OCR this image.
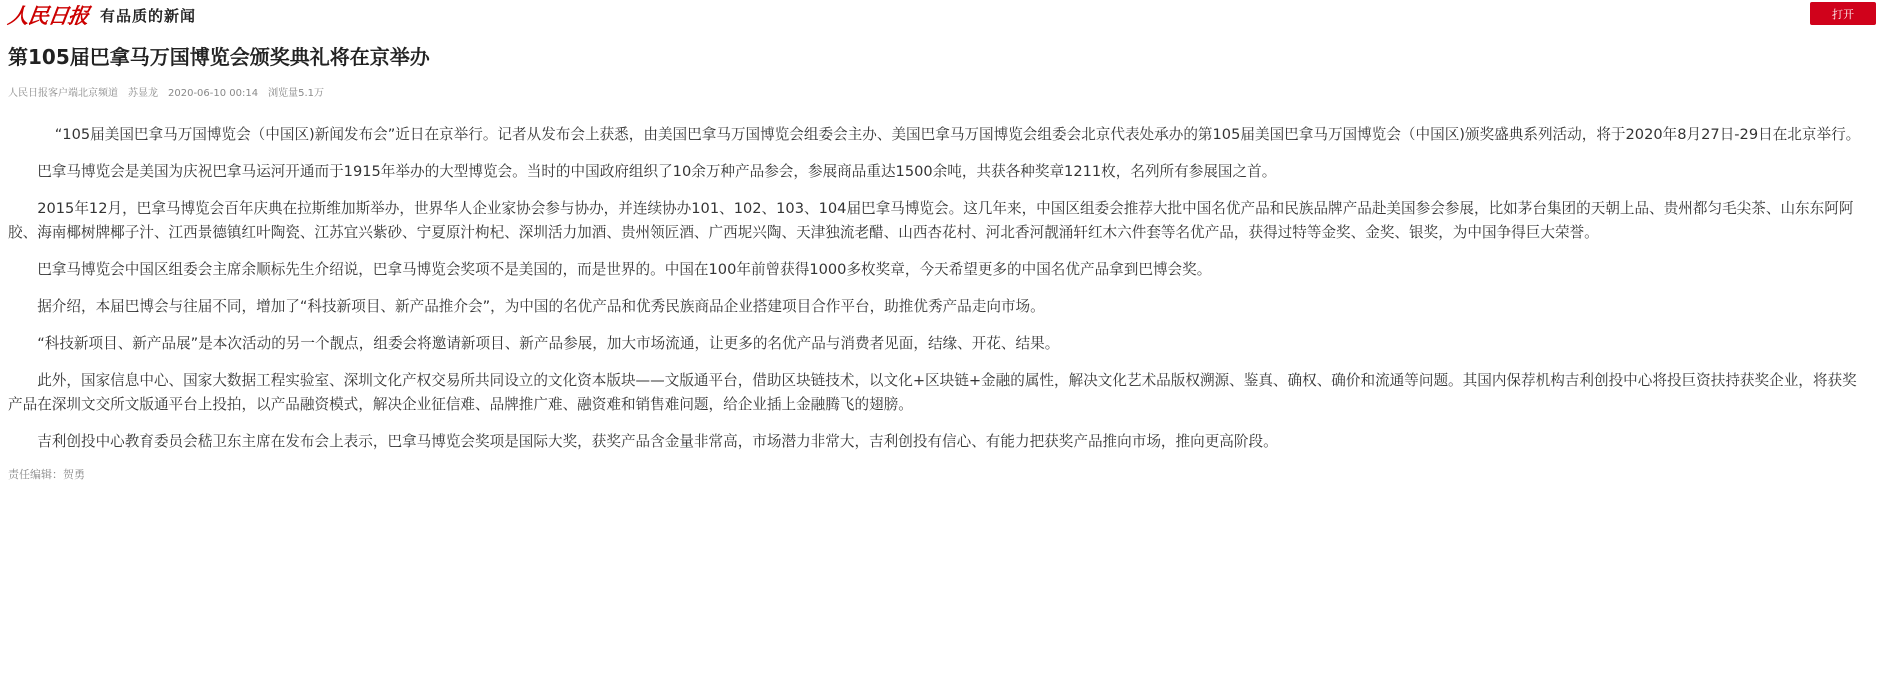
人民日报 有品质的新闻	打开
第105届巴拿马万国博览会颁奖典礼将在京举办
人民日报客户端北京频道 苏显龙 2020-06-10 00:14 浏览量5.1万

“105届美国巴拿马万国博览会（中国区)新闻发布会”近日在京举行。记者从发布会上获悉，由美国巴拿马万国博览会组委会主办、美国巴拿马万国博览会组委会北京代表处承办的第105届美国巴拿马万国博览会（中国区)颁奖盛典系列活动，将于2020年8月27日-29日在北京举行。

巴拿马博览会是美国为庆祝巴拿马运河开通而于1915年举办的大型博览会。当时的中国政府组织了10余万种产品参会，参展商品重达1500余吨，共获各种奖章1211枚，名列所有参展国之首。

2015年12月，巴拿马博览会百年庆典在拉斯维加斯举办，世界华人企业家协会参与协办，并连续协办101、102、103、104届巴拿马博览会。这几年来，中国区组委会推荐大批中国名优产品和民族品牌产品赴美国参会参展，比如茅台集团的天朝上品、贵州都匀毛尖茶、山东东阿阿胶、海南椰树牌椰子汁、江西景德镇红叶陶瓷、江苏宜兴紫砂、宁夏原汁枸杞、深圳活力加酒、贵州领匠酒、广西坭兴陶、天津独流老醋、山西杏花村、河北香河靓涌轩红木六件套等名优产品，获得过特等金奖、金奖、银奖，为中国争得巨大荣誉。

巴拿马博览会中国区组委会主席余顺标先生介绍说，巴拿马博览会奖项不是美国的，而是世界的。中国在100年前曾获得1000多枚奖章，今天希望更多的中国名优产品拿到巴博会奖。

据介绍，本届巴博会与往届不同，增加了“科技新项目、新产品推介会”，为中国的名优产品和优秀民族商品企业搭建项目合作平台，助推优秀产品走向市场。

“科技新项目、新产品展”是本次活动的另一个靓点，组委会将邀请新项目、新产品参展，加大市场流通，让更多的名优产品与消费者见面，结缘、开花、结果。

此外，国家信息中心、国家大数据工程实验室、深圳文化产权交易所共同设立的文化资本版块——文版通平台，借助区块链技术，以文化+区块链+金融的属性，解决文化艺术品版权溯源、鉴真、确权、确价和流通等问题。其国内保荐机构吉利创投中心将投巨资扶持获奖企业，将获奖产品在深圳文交所文版通平台上投拍，以产品融资模式，解决企业征信难、品牌推广难、融资难和销售难问题，给企业插上金融腾飞的翅膀。

吉利创投中心教育委员会嵇卫东主席在发布会上表示，巴拿马博览会奖项是国际大奖，获奖产品含金量非常高，市场潜力非常大，吉利创投有信心、有能力把获奖产品推向市场，推向更高阶段。

责任编辑：贺勇
